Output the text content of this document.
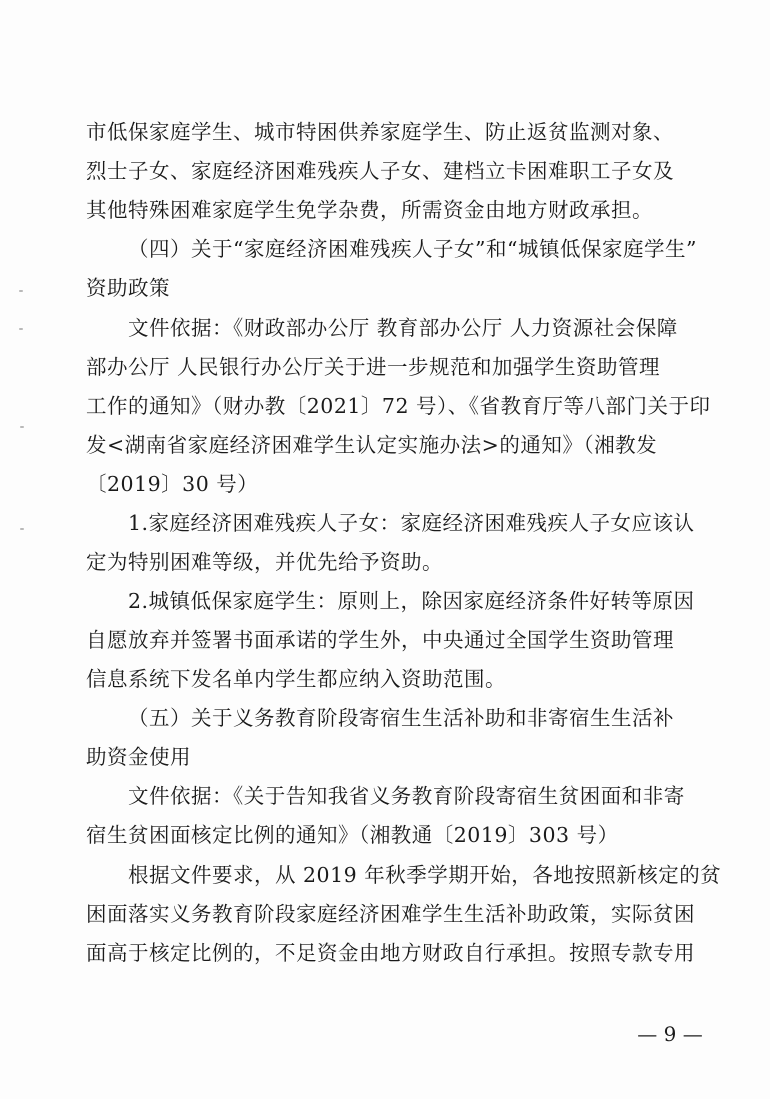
市低保家庭学生、城市特困供养家庭学生、防止返贫监测对象、
烈士子女、家庭经济困难残疾人子女、建档立卡困难职工子女及
其他特殊困难家庭学生免学杂费，所需资金由地方财政承担。
（四）关于“家庭经济困难残疾人子女”和“城镇低保家庭学生”
资助政策
文件依据：《财政部办公厅 教育部办公厅 人力资源社会保障
部办公厅 人民银行办公厅关于进一步规范和加强学生资助管理
工作的通知》（财办教〔2021〕72 号）、《省教育厅等八部门关于印
发<湖南省家庭经济困难学生认定实施办法>的通知》（湘教发
〔2019〕30 号）
1.家庭经济困难残疾人子女：家庭经济困难残疾人子女应该认
定为特别困难等级，并优先给予资助。
2.城镇低保家庭学生：原则上，除因家庭经济条件好转等原因
自愿放弃并签署书面承诺的学生外，中央通过全国学生资助管理
信息系统下发名单内学生都应纳入资助范围。
（五）关于义务教育阶段寄宿生生活补助和非寄宿生生活补
助资金使用
文件依据：《关于告知我省义务教育阶段寄宿生贫困面和非寄
宿生贫困面核定比例的通知》（湘教通〔2019〕303 号）
根据文件要求，从 2019 年秋季学期开始，各地按照新核定的贫
困面落实义务教育阶段家庭经济困难学生生活补助政策，实际贫困
面高于核定比例的，不足资金由地方财政自行承担。按照专款专用
— 9 —
